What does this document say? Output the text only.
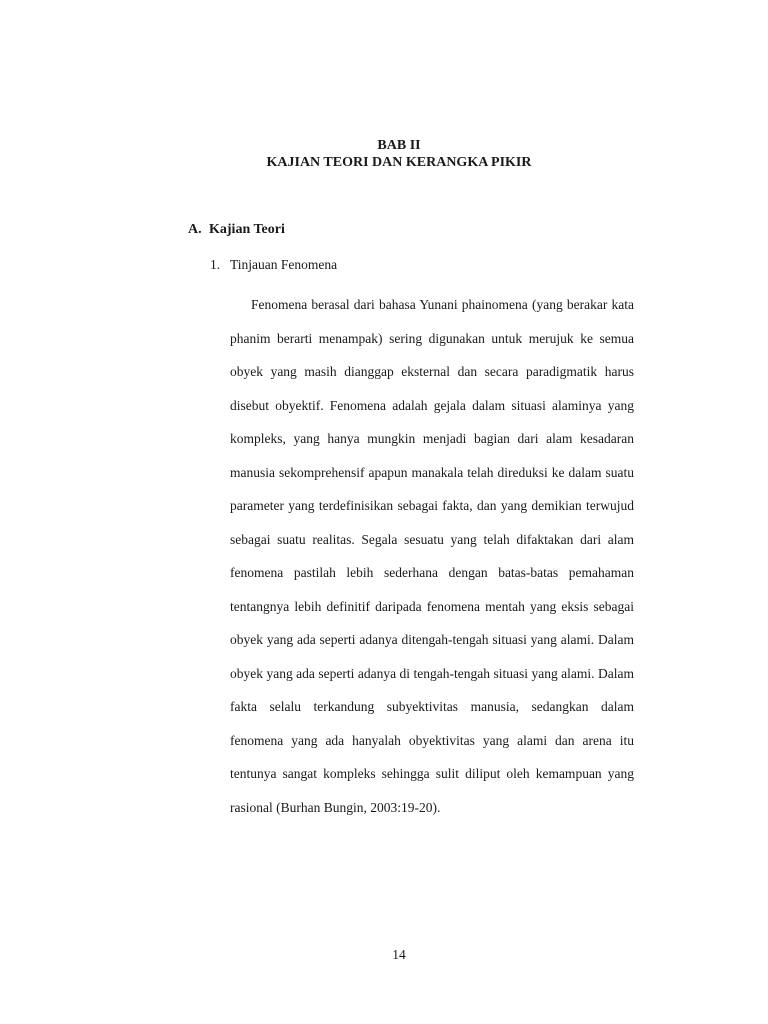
BAB II
KAJIAN TEORI DAN KERANGKA PIKIR
A. Kajian Teori
1. Tinjauan Fenomena

Fenomena berasal dari bahasa Yunani phainomena (yang berakar kata phanim berarti menampak) sering digunakan untuk merujuk ke semua obyek yang masih dianggap eksternal dan secara paradigmatik harus disebut obyektif. Fenomena adalah gejala dalam situasi alaminya yang kompleks, yang hanya mungkin menjadi bagian dari alam kesadaran manusia sekomprehensif apapun manakala telah direduksi ke dalam suatu parameter yang terdefinisikan sebagai fakta, dan yang demikian terwujud sebagai suatu realitas. Segala sesuatu yang telah difaktakan dari alam fenomena pastilah lebih sederhana dengan batas-batas pemahaman tentangnya lebih definitif daripada fenomena mentah yang eksis sebagai obyek yang ada seperti adanya ditengah-tengah situasi yang alami. Dalam obyek yang ada seperti adanya di tengah-tengah situasi yang alami. Dalam fakta selalu terkandung subyektivitas manusia, sedangkan dalam fenomena yang ada hanyalah obyektivitas yang alami dan arena itu tentunya sangat kompleks sehingga sulit diliput oleh kemampuan yang rasional (Burhan Bungin, 2003:19-20).

14
